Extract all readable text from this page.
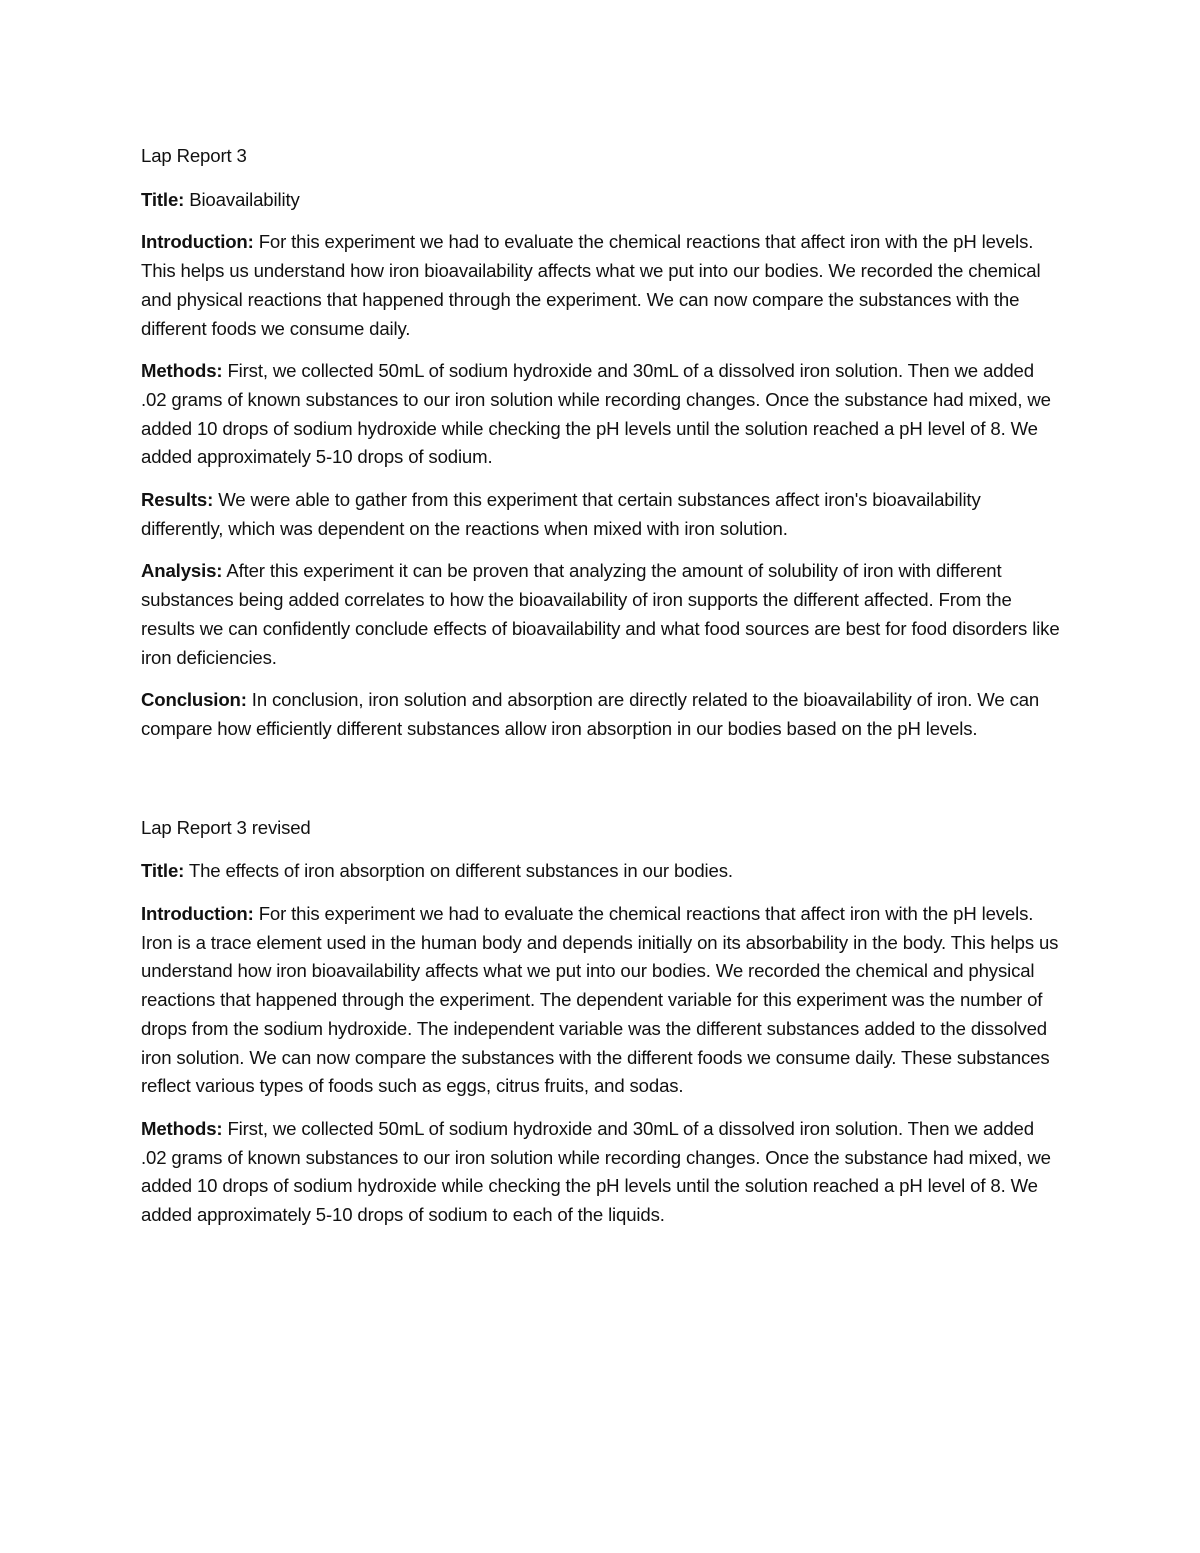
Lap Report 3

Title: Bioavailability

Introduction: For this experiment we had to evaluate the chemical reactions that affect iron with the pH levels. This helps us understand how iron bioavailability affects what we put into our bodies. We recorded the chemical and physical reactions that happened through the experiment. We can now compare the substances with the different foods we consume daily.

Methods: First, we collected 50mL of sodium hydroxide and 30mL of a dissolved iron solution. Then we added .02 grams of known substances to our iron solution while recording changes. Once the substance had mixed, we added 10 drops of sodium hydroxide while checking the pH levels until the solution reached a pH level of 8. We added approximately 5-10 drops of sodium.

Results: We were able to gather from this experiment that certain substances affect iron's bioavailability differently, which was dependent on the reactions when mixed with iron solution.

Analysis: After this experiment it can be proven that analyzing the amount of solubility of iron with different substances being added correlates to how the bioavailability of iron supports the different affected. From the results we can confidently conclude effects of bioavailability and what food sources are best for food disorders like iron deficiencies.

Conclusion: In conclusion, iron solution and absorption are directly related to the bioavailability of iron. We can compare how efficiently different substances allow iron absorption in our bodies based on the pH levels.

Lap Report 3 revised

Title: The effects of iron absorption on different substances in our bodies.

Introduction: For this experiment we had to evaluate the chemical reactions that affect iron with the pH levels. Iron is a trace element used in the human body and depends initially on its absorbability in the body. This helps us understand how iron bioavailability affects what we put into our bodies. We recorded the chemical and physical reactions that happened through the experiment. The dependent variable for this experiment was the number of drops from the sodium hydroxide. The independent variable was the different substances added to the dissolved iron solution. We can now compare the substances with the different foods we consume daily. These substances reflect various types of foods such as eggs, citrus fruits, and sodas.

Methods: First, we collected 50mL of sodium hydroxide and 30mL of a dissolved iron solution. Then we added .02 grams of known substances to our iron solution while recording changes. Once the substance had mixed, we added 10 drops of sodium hydroxide while checking the pH levels until the solution reached a pH level of 8. We added approximately 5-10 drops of sodium to each of the liquids.
